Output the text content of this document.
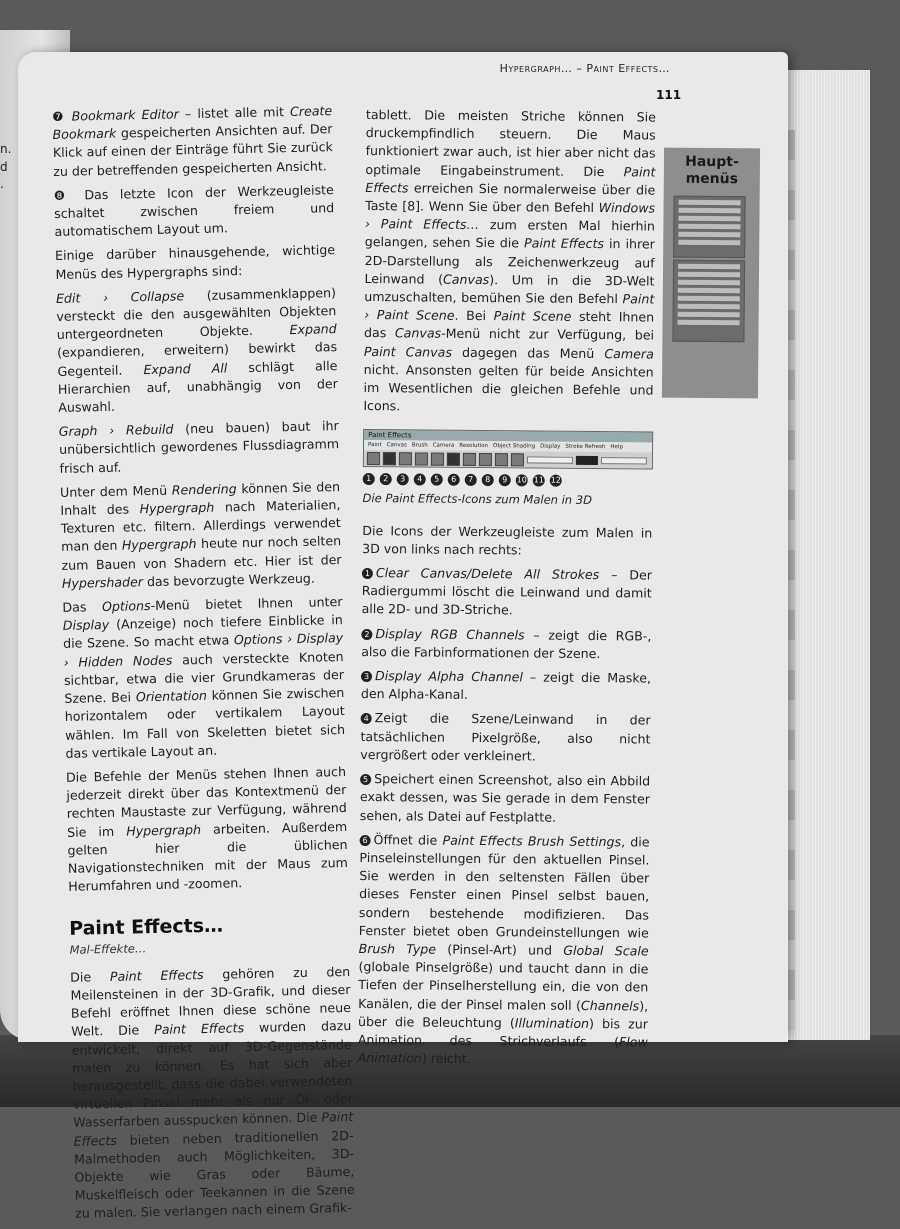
n.
d
.
Hypergraph… – Paint Effects…
111
Haupt-
menüs

❼ Bookmark Editor – listet alle mit Create Bookmark gespeicherten Ansichten auf. Der Klick auf einen der Einträge führt Sie zurück zu der betreffenden gespeicherten Ansicht.

❽ Das letzte Icon der Werkzeugleiste schaltet zwischen freiem und automatischem Layout um.

Einige darüber hinausgehende, wichtige Menüs des Hypergraphs sind:

Edit › Collapse (zusammenklappen) versteckt die den ausgewählten Objekten untergeordneten Objekte. Expand (expandieren, erweitern) bewirkt das Gegenteil. Expand All schlägt alle Hierarchien auf, unabhängig von der Auswahl.

Graph › Rebuild (neu bauen) baut ihr unübersichtlich gewordenes Flussdiagramm frisch auf.

Unter dem Menü Rendering können Sie den Inhalt des Hypergraph nach Materialien, Texturen etc. filtern. Allerdings verwendet man den Hypergraph heute nur noch selten zum Bauen von Shadern etc. Hier ist der Hypershader das bevorzugte Werkzeug.

Das Options-Menü bietet Ihnen unter Display (Anzeige) noch tiefere Einblicke in die Szene. So macht etwa Options › Display › Hidden Nodes auch versteckte Knoten sichtbar, etwa die vier Grundkameras der Szene. Bei Orientation können Sie zwischen horizontalem oder vertikalem Layout wählen. Im Fall von Skeletten bietet sich das vertikale Layout an.

Die Befehle der Menüs stehen Ihnen auch jederzeit direkt über das Kontextmenü der rechten Maustaste zur Verfügung, während Sie im Hypergraph arbeiten. Außerdem gelten hier die üblichen Navigationstechniken mit der Maus zum Herumfahren und -zoomen.

Paint Effects…
Mal-Effekte…

Die Paint Effects gehören zu den Meilensteinen in der 3D-Grafik, und dieser Befehl eröffnet Ihnen diese schöne neue Welt. Die Paint Effects wurden dazu entwickelt, direkt auf 3D-Gegenstände malen zu können. Es hat sich aber herausgestellt, dass die dabei verwendeten virtuellen Pinsel mehr als nur Öl- oder Wasserfarben ausspucken können. Die Paint Effects bieten neben traditionellen 2D-Malmethoden auch Möglichkeiten, 3D-Objekte wie Gras oder Bäume, Muskelfleisch oder Teekannen in die Szene zu malen. Sie verlangen nach einem Grafik-

tablett. Die meisten Striche können Sie druckempfindlich steuern. Die Maus funktioniert zwar auch, ist hier aber nicht das optimale Eingabeinstrument. Die Paint Effects erreichen Sie normalerweise über die Taste [8]. Wenn Sie über den Befehl Windows › Paint Effects… zum ersten Mal hierhin gelangen, sehen Sie die Paint Effects in ihrer 2D-Darstellung als Zeichenwerkzeug auf Leinwand (Canvas). Um in die 3D-Welt umzuschalten, bemühen Sie den Befehl Paint › Paint Scene. Bei Paint Scene steht Ihnen das Canvas-Menü nicht zur Verfügung, bei Paint Canvas dagegen das Menü Camera nicht. Ansonsten gelten für beide Ansichten im Wesentlichen die gleichen Befehle und Icons.

Paint Effects
Paint Canvas Brush Camera Resolution Object Shading Display Stroke Refresh Help
1	2	3	4	5	6	7	8	9	10 11 12
Die Paint Effects-Icons zum Malen in 3D

Die Icons der Werkzeugleiste zum Malen in 3D von links nach rechts:

1 Clear Canvas/Delete All Strokes – Der Radiergummi löscht die Leinwand und damit alle 2D- und 3D-Striche.

2 Display RGB Channels – zeigt die RGB-, also die Farbinformationen der Szene.

3 Display Alpha Channel – zeigt die Maske, den Alpha-Kanal.

4 Zeigt die Szene/Leinwand in der tatsächlichen Pixelgröße, also nicht vergrößert oder verkleinert.

5 Speichert einen Screenshot, also ein Abbild exakt dessen, was Sie gerade in dem Fenster sehen, als Datei auf Festplatte.

6 Öffnet die Paint Effects Brush Settings, die Pinseleinstellungen für den aktuellen Pinsel. Sie werden in den seltensten Fällen über dieses Fenster einen Pinsel selbst bauen, sondern bestehende modifizieren. Das Fenster bietet oben Grundeinstellungen wie Brush Type (Pinsel-Art) und Global Scale (globale Pinselgröße) und taucht dann in die Tiefen der Pinselherstellung ein, die von den Kanälen, die der Pinsel malen soll (Channels), über die Beleuchtung (Illumination) bis zur Animation des Strichverlaufs (Flow Animation) reicht.
